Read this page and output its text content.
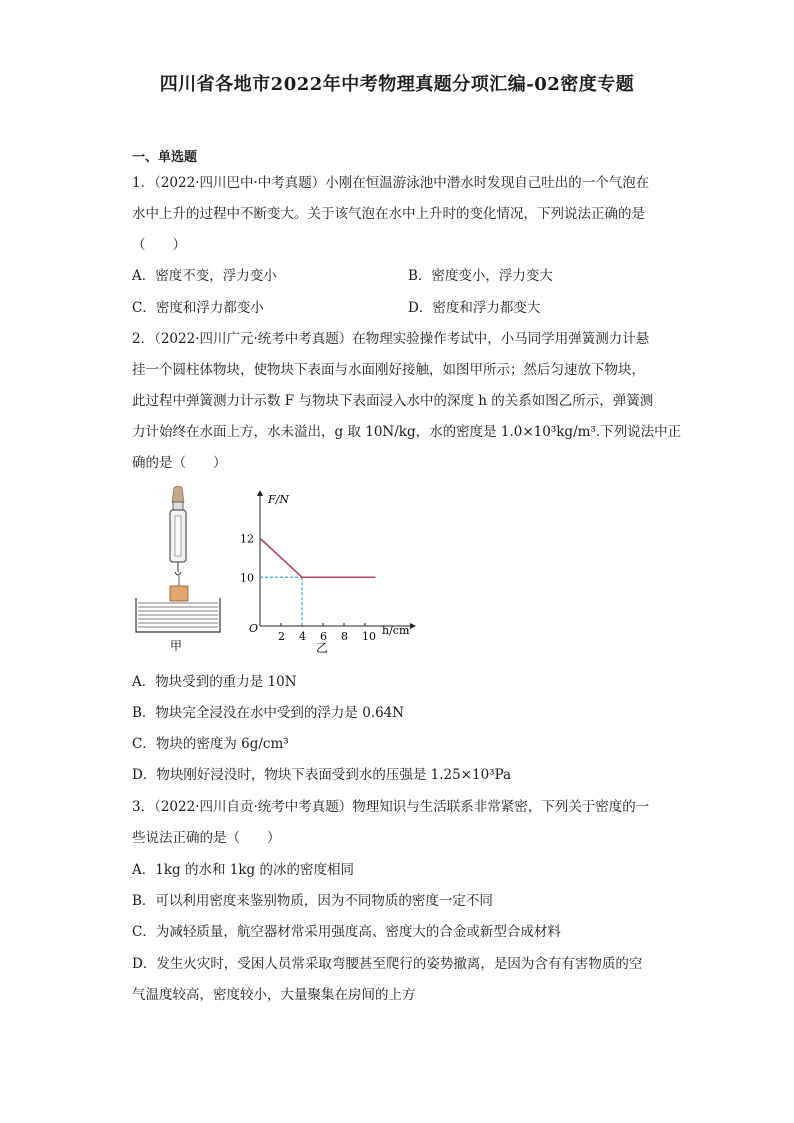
四川省各地市2022年中考物理真题分项汇编-02密度专题
一、单选题
1．（2022·四川巴中·中考真题）小刚在恒温游泳池中潜水时发现自己吐出的一个气泡在
水中上升的过程中不断变大。关于该气泡在水中上升时的变化情况，下列说法正确的是
（　　）
A．密度不变，浮力变小	B．密度变小，浮力变大
C．密度和浮力都变小	D．密度和浮力都变大
2．（2022·四川广元·统考中考真题）在物理实验操作考试中，小马同学用弹簧测力计悬
挂一个圆柱体物块，使物块下表面与水面刚好接触，如图甲所示；然后匀速放下物块，
此过程中弹簧测力计示数 F 与物块下表面浸入水中的深度 h 的关系如图乙所示，弹簧测
力计始终在水面上方，水未溢出，g 取 10N/kg，水的密度是 1.0×10³kg/m³.下列说法中正
确的是（　　）
甲
F/N
h/cm
O
乙
2 4 6 8 10
12
10
A．物块受到的重力是 10N
B．物块完全浸没在水中受到的浮力是 0.64N
C．物块的密度为 6g/cm³
D．物块刚好浸没时，物块下表面受到水的压强是 1.25×10³Pa
3．（2022·四川自贡·统考中考真题）物理知识与生活联系非常紧密，下列关于密度的一
些说法正确的是（　　）
A．1kg 的水和 1kg 的冰的密度相同
B．可以利用密度来鉴别物质，因为不同物质的密度一定不同
C．为减轻质量，航空器材常采用强度高、密度大的合金或新型合成材料
D．发生火灾时，受困人员常采取弯腰甚至爬行的姿势撤离，是因为含有有害物质的空
气温度较高，密度较小，大量聚集在房间的上方
